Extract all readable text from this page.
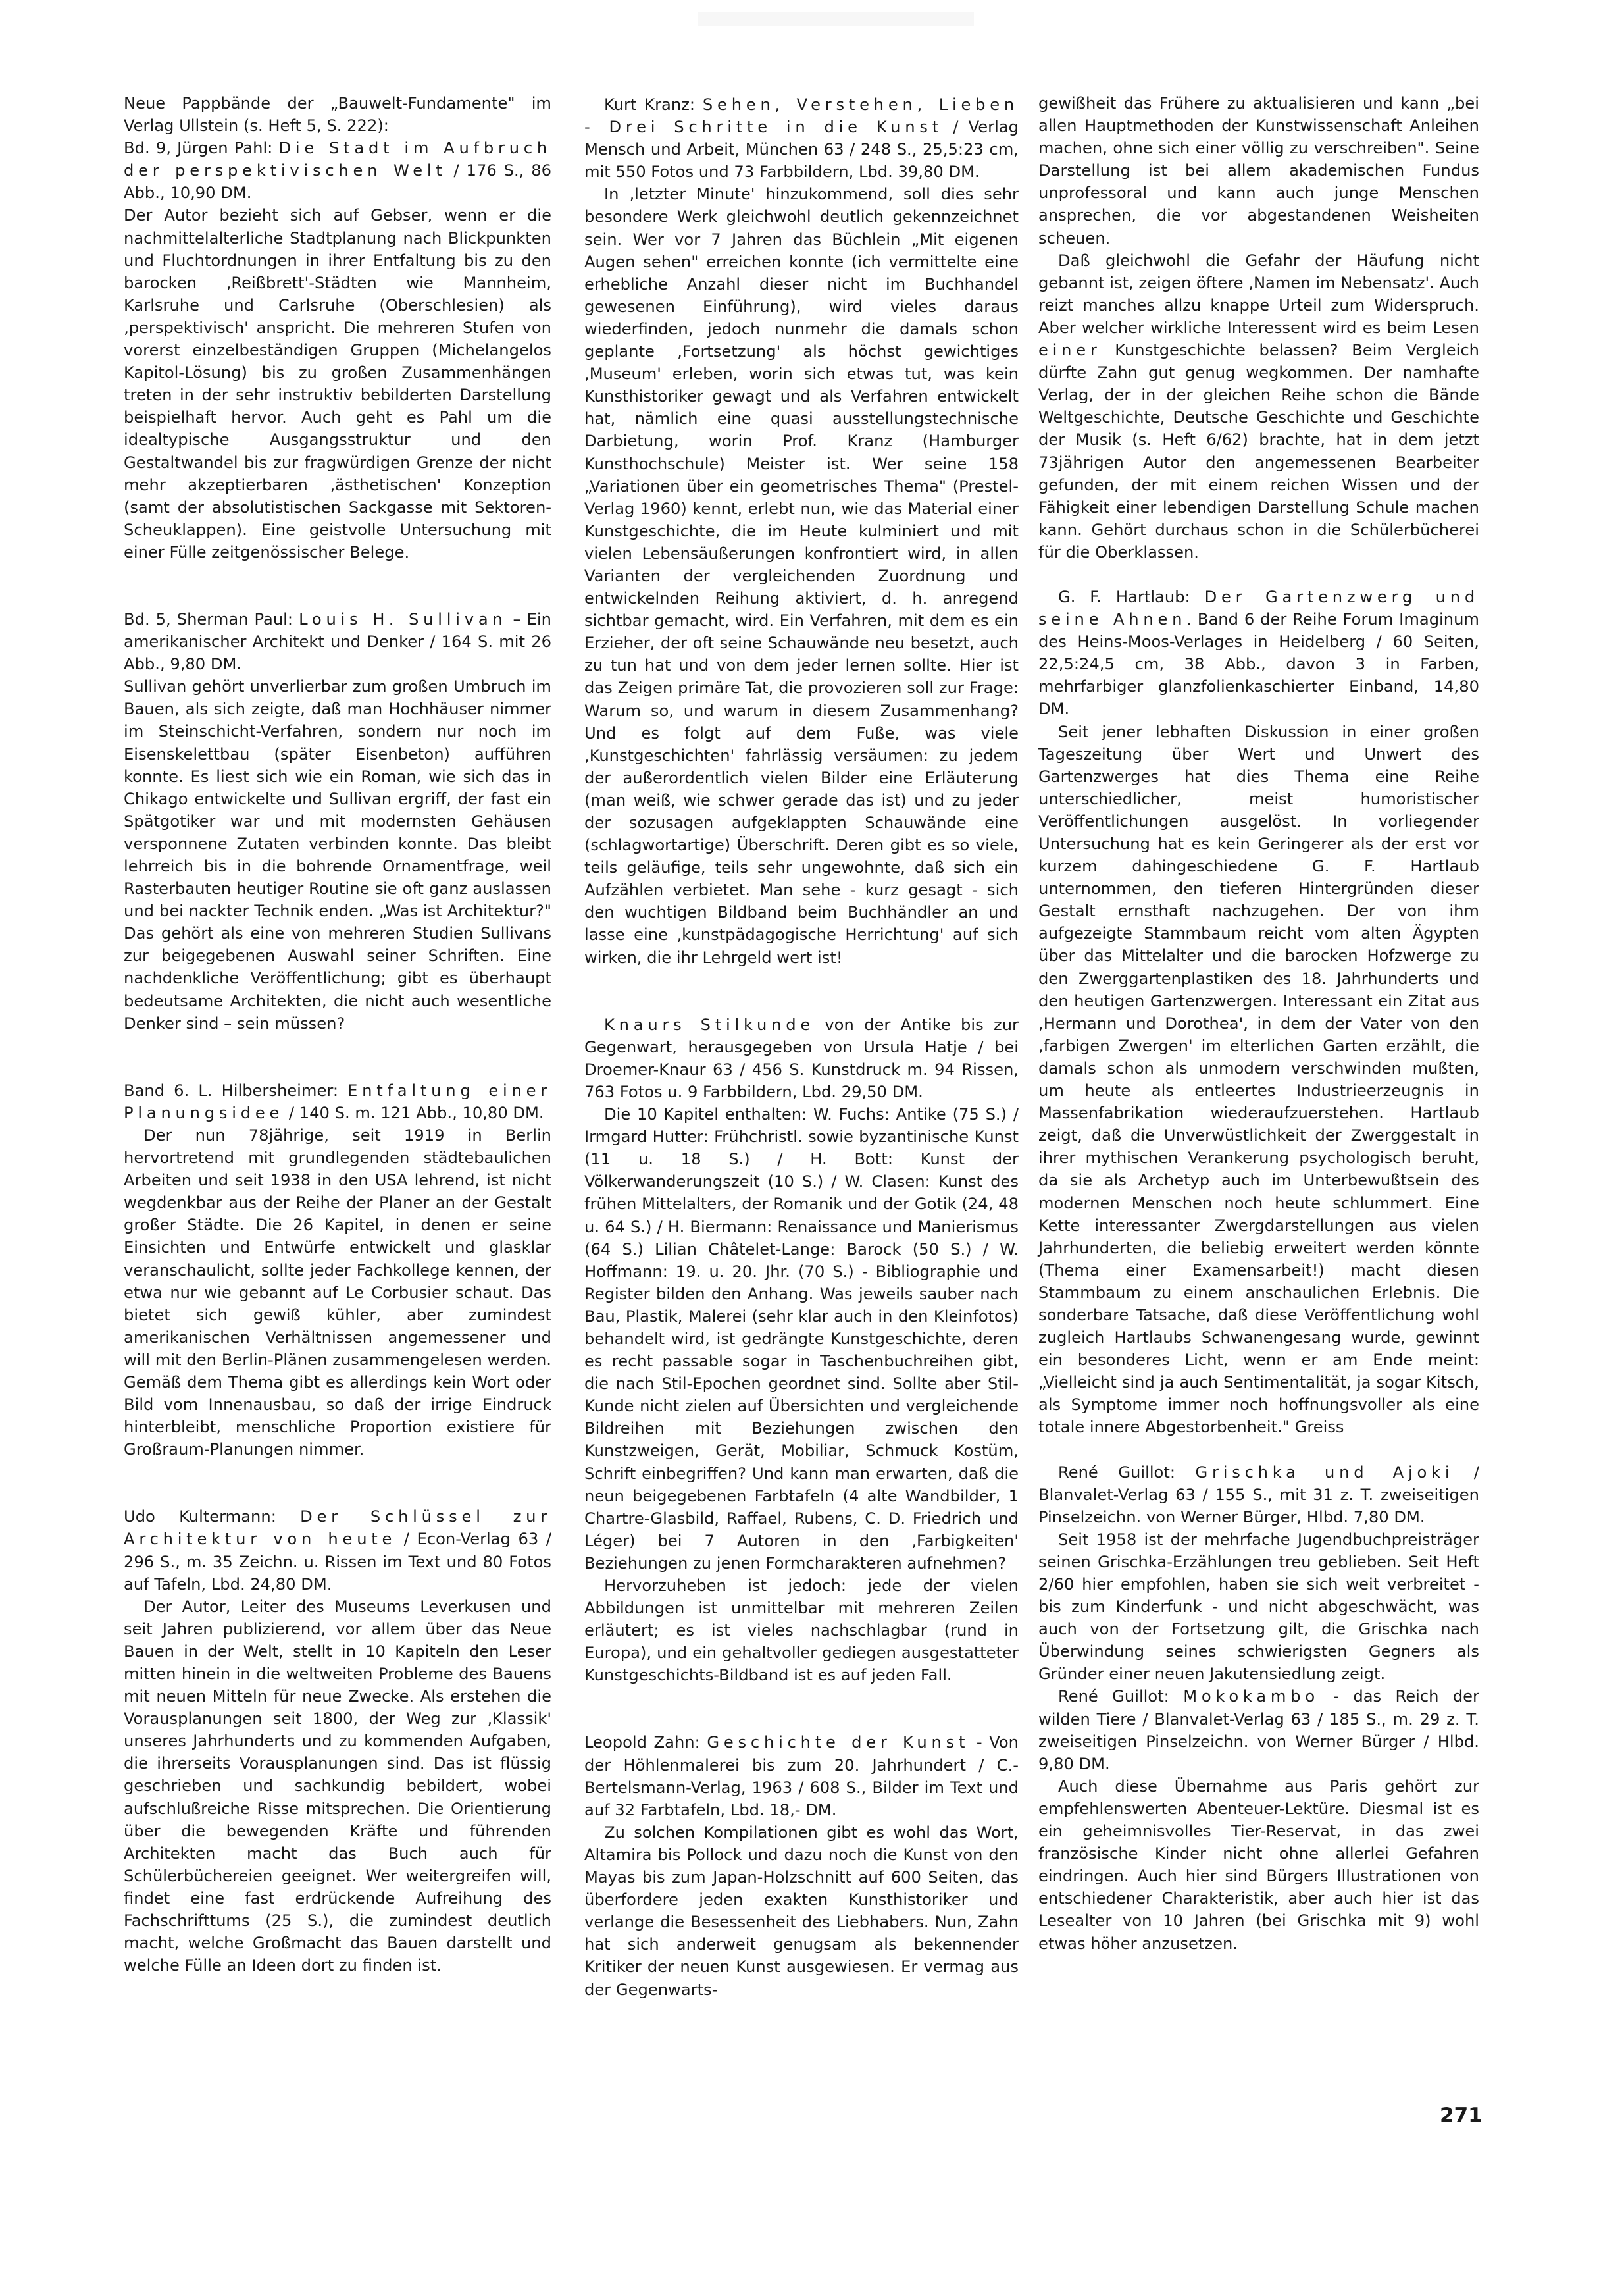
Neue Pappbände der „Bauwelt-Fundamente" im Verlag Ullstein (s. Heft 5, S. 222):

Bd. 9, Jürgen Pahl: Die Stadt im Aufbruch der perspektivischen Welt / 176 S., 86 Abb., 10,90 DM.

Der Autor bezieht sich auf Gebser, wenn er die nachmittelalterliche Stadtplanung nach Blickpunkten und Fluchtordnungen in ihrer Entfaltung bis zu den barocken ‚Reißbrett'-Städten wie Mannheim, Karlsruhe und Carlsruhe (Oberschlesien) als ‚perspektivisch' anspricht. Die mehreren Stufen von vorerst einzelbeständigen Gruppen (Michelangelos Kapitol-Lösung) bis zu großen Zusammenhängen treten in der sehr instruktiv bebilderten Darstellung beispielhaft hervor. Auch geht es Pahl um die idealtypische Ausgangsstruktur und den Gestaltwandel bis zur fragwürdigen Grenze der nicht mehr akzeptierbaren ‚ästhetischen' Konzeption (samt der absolutistischen Sackgasse mit Sektoren-Scheuklappen). Eine geistvolle Untersuchung mit einer Fülle zeitgenössischer Belege.

Bd. 5, Sherman Paul: Louis H. Sullivan – Ein amerikanischer Architekt und Denker / 164 S. mit 26 Abb., 9,80 DM.

Sullivan gehört unverlierbar zum großen Umbruch im Bauen, als sich zeigte, daß man Hochhäuser nimmer im Steinschicht-Verfahren, sondern nur noch im Eisenskelettbau (später Eisenbeton) aufführen konnte. Es liest sich wie ein Roman, wie sich das in Chikago entwickelte und Sullivan ergriff, der fast ein Spätgotiker war und mit modernsten Gehäusen versponnene Zutaten verbinden konnte. Das bleibt lehrreich bis in die bohrende Ornamentfrage, weil Rasterbauten heutiger Routine sie oft ganz auslassen und bei nackter Technik enden. „Was ist Architektur?" Das gehört als eine von mehreren Studien Sullivans zur beigegebenen Auswahl seiner Schriften. Eine nachdenkliche Veröffentlichung; gibt es überhaupt bedeutsame Architekten, die nicht auch wesentliche Denker sind – sein müssen?

Band 6. L. Hilbersheimer: Entfaltung einer Planungsidee / 140 S. m. 121 Abb., 10,80 DM.

Der nun 78jährige, seit 1919 in Berlin hervortretend mit grundlegenden städtebaulichen Arbeiten und seit 1938 in den USA lehrend, ist nicht wegdenkbar aus der Reihe der Planer an der Gestalt großer Städte. Die 26 Kapitel, in denen er seine Einsichten und Entwürfe entwickelt und glasklar veranschaulicht, sollte jeder Fachkollege kennen, der etwa nur wie gebannt auf Le Corbusier schaut. Das bietet sich gewiß kühler, aber zumindest amerikanischen Verhältnissen angemessener und will mit den Berlin-Plänen zusammengelesen werden. Gemäß dem Thema gibt es allerdings kein Wort oder Bild vom Innenausbau, so daß der irrige Eindruck hinterbleibt, menschliche Proportion existiere für Großraum-Planungen nimmer.

Udo Kultermann: Der Schlüssel zur Architektur von heute / Econ-Verlag 63 / 296 S., m. 35 Zeichn. u. Rissen im Text und 80 Fotos auf Tafeln, Lbd. 24,80 DM.

Der Autor, Leiter des Museums Leverkusen und seit Jahren publizierend, vor allem über das Neue Bauen in der Welt, stellt in 10 Kapiteln den Leser mitten hinein in die weltweiten Probleme des Bauens mit neuen Mitteln für neue Zwecke. Als erstehen die Vorausplanungen seit 1800, der Weg zur ‚Klassik' unseres Jahrhunderts und zu kommenden Aufgaben, die ihrerseits Vorausplanungen sind. Das ist flüssig geschrieben und sachkundig bebildert, wobei aufschlußreiche Risse mitsprechen. Die Orientierung über die bewegenden Kräfte und führenden Architekten macht das Buch auch für Schülerbüchereien geeignet. Wer weitergreifen will, findet eine fast erdrückende Aufreihung des Fachschrifttums (25 S.), die zumindest deutlich macht, welche Großmacht das Bauen darstellt und welche Fülle an Ideen dort zu finden ist.

Kurt Kranz: Sehen, Verstehen, Lieben - Drei Schritte in die Kunst / Verlag Mensch und Arbeit, München 63 / 248 S., 25,5:23 cm, mit 550 Fotos und 73 Farbbildern, Lbd. 39,80 DM.

In ‚letzter Minute' hinzukommend, soll dies sehr besondere Werk gleichwohl deutlich gekennzeichnet sein. Wer vor 7 Jahren das Büchlein „Mit eigenen Augen sehen" erreichen konnte (ich vermittelte eine erhebliche Anzahl dieser nicht im Buchhandel gewesenen Einführung), wird vieles daraus wiederfinden, jedoch nunmehr die damals schon geplante ‚Fortsetzung' als höchst gewichtiges ‚Museum' erleben, worin sich etwas tut, was kein Kunsthistoriker gewagt und als Verfahren entwickelt hat, nämlich eine quasi ausstellungstechnische Darbietung, worin Prof. Kranz (Hamburger Kunsthochschule) Meister ist. Wer seine 158 „Variationen über ein geometrisches Thema" (Prestel-Verlag 1960) kennt, erlebt nun, wie das Material einer Kunstgeschichte, die im Heute kulminiert und mit vielen Lebensäußerungen konfrontiert wird, in allen Varianten der vergleichenden Zuordnung und entwickelnden Reihung aktiviert, d. h. anregend sichtbar gemacht, wird. Ein Verfahren, mit dem es ein Erzieher, der oft seine Schauwände neu besetzt, auch zu tun hat und von dem jeder lernen sollte. Hier ist das Zeigen primäre Tat, die provozieren soll zur Frage: Warum so, und warum in diesem Zusammenhang? Und es folgt auf dem Fuße, was viele ‚Kunstgeschichten' fahrlässig versäumen: zu jedem der außerordentlich vielen Bilder eine Erläuterung (man weiß, wie schwer gerade das ist) und zu jeder der sozusagen aufgeklappten Schauwände eine (schlagwortartige) Überschrift. Deren gibt es so viele, teils geläufige, teils sehr ungewohnte, daß sich ein Aufzählen verbietet. Man sehe - kurz gesagt - sich den wuchtigen Bildband beim Buchhändler an und lasse eine ‚kunstpädagogische Herrichtung' auf sich wirken, die ihr Lehrgeld wert ist!

Knaurs Stilkunde von der Antike bis zur Gegenwart, herausgegeben von Ursula Hatje / bei Droemer-Knaur 63 / 456 S. Kunstdruck m. 94 Rissen, 763 Fotos u. 9 Farbbildern, Lbd. 29,50 DM.

Die 10 Kapitel enthalten: W. Fuchs: Antike (75 S.) / Irmgard Hutter: Frühchristl. sowie byzantinische Kunst (11 u. 18 S.) / H. Bott: Kunst der Völkerwanderungszeit (10 S.) / W. Clasen: Kunst des frühen Mittelalters, der Romanik und der Gotik (24, 48 u. 64 S.) / H. Biermann: Renaissance und Manierismus (64 S.) Lilian Châtelet-Lange: Barock (50 S.) / W. Hoffmann: 19. u. 20. Jhr. (70 S.) - Bibliographie und Register bilden den Anhang. Was jeweils sauber nach Bau, Plastik, Malerei (sehr klar auch in den Kleinfotos) behandelt wird, ist gedrängte Kunstgeschichte, deren es recht passable sogar in Taschenbuchreihen gibt, die nach Stil-Epochen geordnet sind. Sollte aber Stil-Kunde nicht zielen auf Übersichten und vergleichende Bildreihen mit Beziehungen zwischen den Kunstzweigen, Gerät, Mobiliar, Schmuck Kostüm, Schrift einbegriffen? Und kann man erwarten, daß die neun beigegebenen Farbtafeln (4 alte Wandbilder, 1 Chartre-Glasbild, Raffael, Rubens, C. D. Friedrich und Léger) bei 7 Autoren in den ‚Farbigkeiten' Beziehungen zu jenen Formcharakteren aufnehmen?

Hervorzuheben ist jedoch: jede der vielen Abbildungen ist unmittelbar mit mehreren Zeilen erläutert; es ist vieles nachschlagbar (rund in Europa), und ein gehaltvoller gediegen ausgestatteter Kunstgeschichts-Bildband ist es auf jeden Fall.

Leopold Zahn: Geschichte der Kunst - Von der Höhlenmalerei bis zum 20. Jahrhundert / C.-Bertelsmann-Verlag, 1963 / 608 S., Bilder im Text und auf 32 Farbtafeln, Lbd. 18,- DM.

Zu solchen Kompilationen gibt es wohl das Wort, Altamira bis Pollock und dazu noch die Kunst von den Mayas bis zum Japan-Holzschnitt auf 600 Seiten, das überfordere jeden exakten Kunsthistoriker und verlange die Besessenheit des Liebhabers. Nun, Zahn hat sich anderweit genugsam als bekennender Kritiker der neuen Kunst ausgewiesen. Er vermag aus der Gegenwarts-

gewißheit das Frühere zu aktualisieren und kann „bei allen Hauptmethoden der Kunstwissenschaft Anleihen machen, ohne sich einer völlig zu verschreiben". Seine Darstellung ist bei allem akademischen Fundus unprofessoral und kann auch junge Menschen ansprechen, die vor abgestandenen Weisheiten scheuen.

Daß gleichwohl die Gefahr der Häufung nicht gebannt ist, zeigen öftere ‚Namen im Nebensatz'. Auch reizt manches allzu knappe Urteil zum Widerspruch. Aber welcher wirkliche Interessent wird es beim Lesen einer Kunstgeschichte belassen? Beim Vergleich dürfte Zahn gut genug wegkommen. Der namhafte Verlag, der in der gleichen Reihe schon die Bände Weltgeschichte, Deutsche Geschichte und Geschichte der Musik (s. Heft 6/62) brachte, hat in dem jetzt 73jährigen Autor den angemessenen Bearbeiter gefunden, der mit einem reichen Wissen und der Fähigkeit einer lebendigen Darstellung Schule machen kann. Gehört durchaus schon in die Schülerbücherei für die Oberklassen.

G. F. Hartlaub: Der Gartenzwerg und seine Ahnen. Band 6 der Reihe Forum Imaginum des Heins-Moos-Verlages in Heidelberg / 60 Seiten, 22,5:24,5 cm, 38 Abb., davon 3 in Farben, mehrfarbiger glanzfolienkaschierter Einband, 14,80 DM.

Seit jener lebhaften Diskussion in einer großen Tageszeitung über Wert und Unwert des Gartenzwerges hat dies Thema eine Reihe unterschiedlicher, meist humoristischer Veröffentlichungen ausgelöst. In vorliegender Untersuchung hat es kein Geringerer als der erst vor kurzem dahingeschiedene G. F. Hartlaub unternommen, den tieferen Hintergründen dieser Gestalt ernsthaft nachzugehen. Der von ihm aufgezeigte Stammbaum reicht vom alten Ägypten über das Mittelalter und die barocken Hofzwerge zu den Zwerggartenplastiken des 18. Jahrhunderts und den heutigen Gartenzwergen. Interessant ein Zitat aus ‚Hermann und Dorothea', in dem der Vater von den ‚farbigen Zwergen' im elterlichen Garten erzählt, die damals schon als unmodern verschwinden mußten, um heute als entleertes Industrieerzeugnis in Massenfabrikation wiederaufzuerstehen. Hartlaub zeigt, daß die Unverwüstlichkeit der Zwerggestalt in ihrer mythischen Verankerung psychologisch beruht, da sie als Archetyp auch im Unterbewußtsein des modernen Menschen noch heute schlummert. Eine Kette interessanter Zwergdarstellungen aus vielen Jahrhunderten, die beliebig erweitert werden könnte (Thema einer Examensarbeit!) macht diesen Stammbaum zu einem anschaulichen Erlebnis. Die sonderbare Tatsache, daß diese Veröffentlichung wohl zugleich Hartlaubs Schwanengesang wurde, gewinnt ein besonderes Licht, wenn er am Ende meint: „Vielleicht sind ja auch Sentimentalität, ja sogar Kitsch, als Symptome immer noch hoffnungsvoller als eine totale innere Abgestorbenheit." Greiss

René Guillot: Grischka und Ajoki / Blanvalet-Verlag 63 / 155 S., mit 31 z. T. zweiseitigen Pinselzeichn. von Werner Bürger, Hlbd. 7,80 DM.

Seit 1958 ist der mehrfache Jugendbuchpreisträger seinen Grischka-Erzählungen treu geblieben. Seit Heft 2/60 hier empfohlen, haben sie sich weit verbreitet - bis zum Kinderfunk - und nicht abgeschwächt, was auch von der Fortsetzung gilt, die Grischka nach Überwindung seines schwierigsten Gegners als Gründer einer neuen Jakutensiedlung zeigt.

René Guillot: Mokokambo - das Reich der wilden Tiere / Blanvalet-Verlag 63 / 185 S., m. 29 z. T. zweiseitigen Pinselzeichn. von Werner Bürger / Hlbd. 9,80 DM.

Auch diese Übernahme aus Paris gehört zur empfehlenswerten Abenteuer-Lektüre. Diesmal ist es ein geheimnisvolles Tier-Reservat, in das zwei französische Kinder nicht ohne allerlei Gefahren eindringen. Auch hier sind Bürgers Illustrationen von entschiedener Charakteristik, aber auch hier ist das Lesealter von 10 Jahren (bei Grischka mit 9) wohl etwas höher anzusetzen.

271
